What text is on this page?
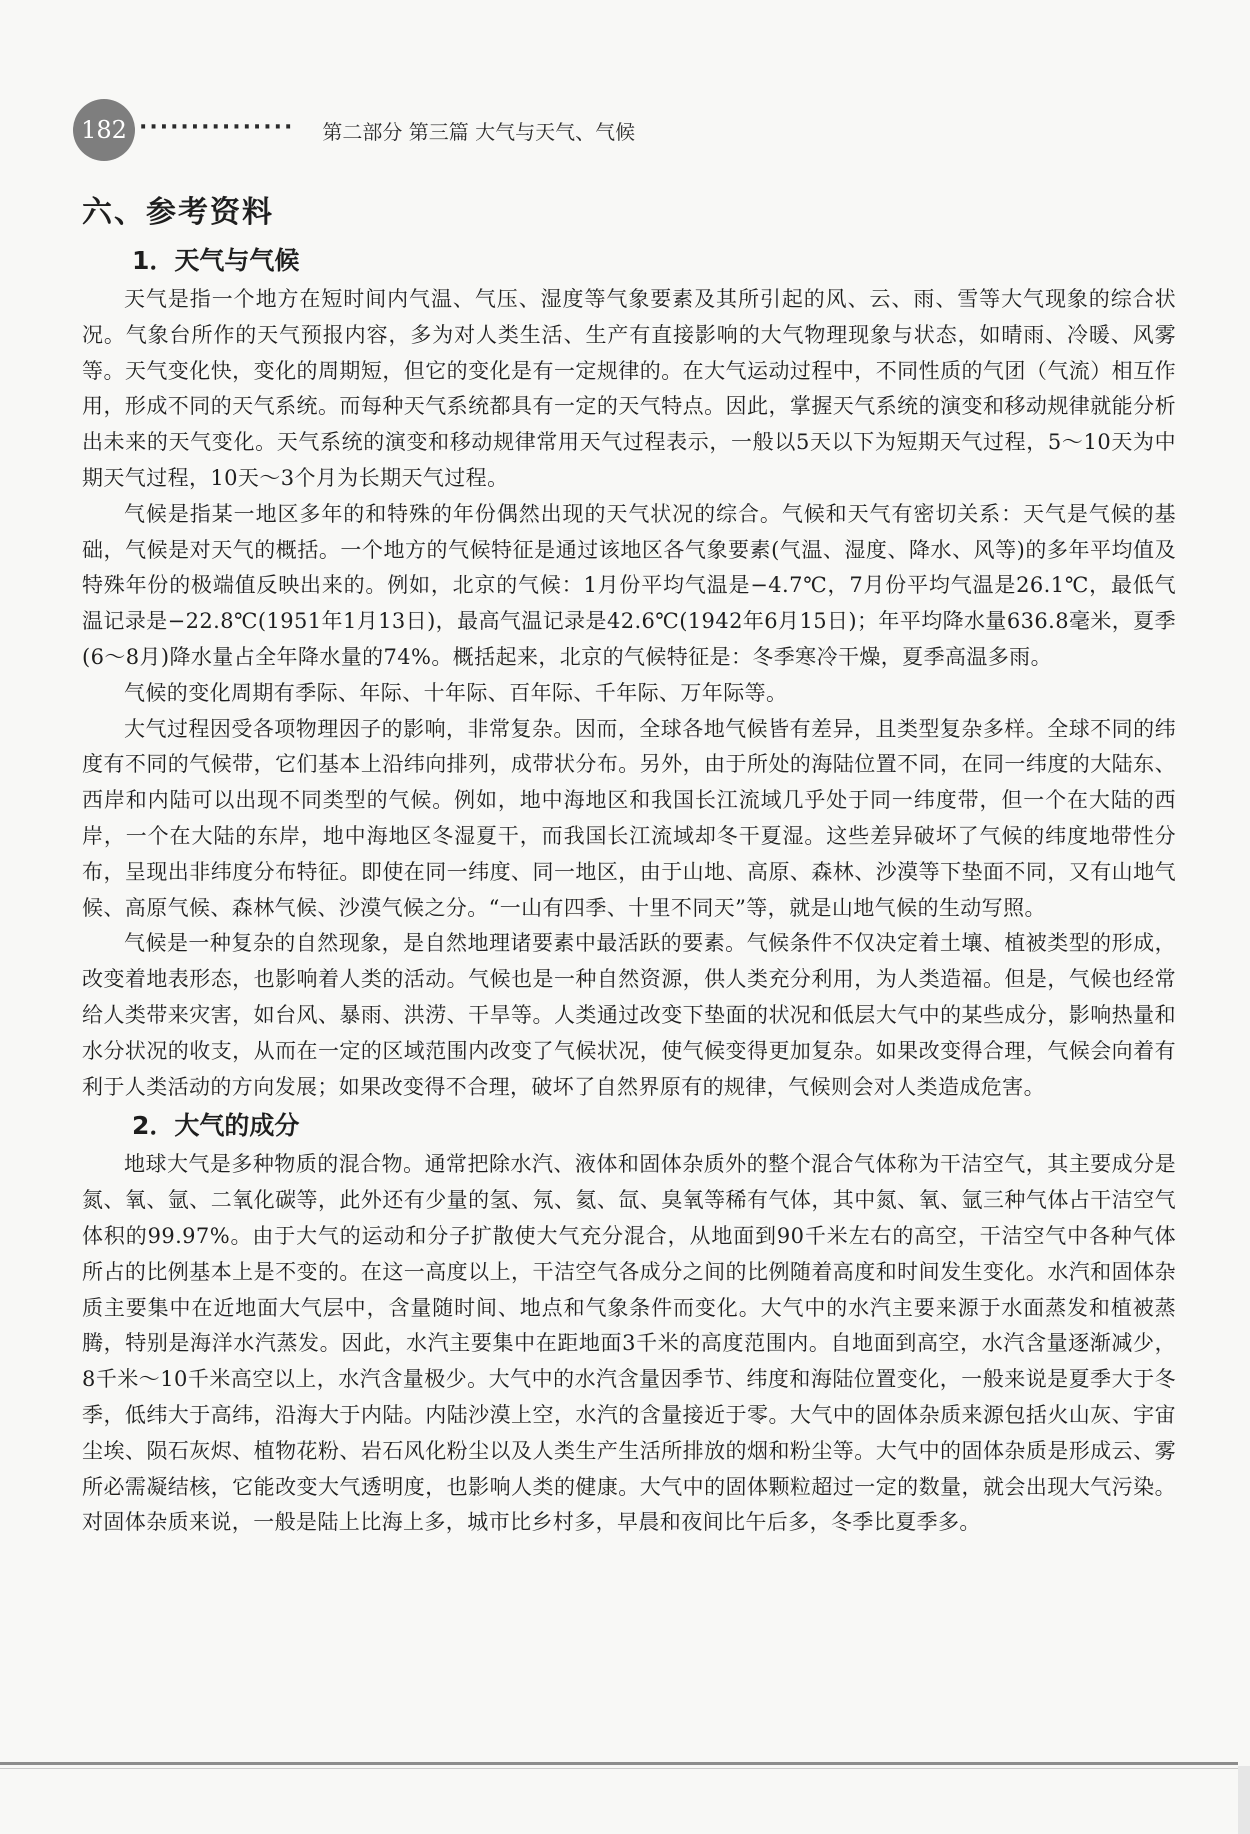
182 ··············· 第二部分 第三篇 大气与天气、气候
六、参考资料
1．天气与气候

天气是指一个地方在短时间内气温、气压、湿度等气象要素及其所引起的风、云、雨、雪等大气现象的综合状况。气象台所作的天气预报内容，多为对人类生活、生产有直接影响的大气物理现象与状态，如晴雨、冷暖、风雾等。天气变化快，变化的周期短，但它的变化是有一定规律的。在大气运动过程中，不同性质的气团（气流）相互作用，形成不同的天气系统。而每种天气系统都具有一定的天气特点。因此，掌握天气系统的演变和移动规律就能分析出未来的天气变化。天气系统的演变和移动规律常用天气过程表示，一般以5天以下为短期天气过程，5～10天为中期天气过程，10天～3个月为长期天气过程。

气候是指某一地区多年的和特殊的年份偶然出现的天气状况的综合。气候和天气有密切关系：天气是气候的基础，气候是对天气的概括。一个地方的气候特征是通过该地区各气象要素(气温、湿度、降水、风等)的多年平均值及特殊年份的极端值反映出来的。例如，北京的气候：1月份平均气温是−4.7℃，7月份平均气温是26.1℃，最低气温记录是−22.8℃(1951年1月13日)，最高气温记录是42.6℃(1942年6月15日)；年平均降水量636.8毫米，夏季(6～8月)降水量占全年降水量的74%。概括起来，北京的气候特征是：冬季寒冷干燥，夏季高温多雨。

气候的变化周期有季际、年际、十年际、百年际、千年际、万年际等。

大气过程因受各项物理因子的影响，非常复杂。因而，全球各地气候皆有差异，且类型复杂多样。全球不同的纬度有不同的气候带，它们基本上沿纬向排列，成带状分布。另外，由于所处的海陆位置不同，在同一纬度的大陆东、西岸和内陆可以出现不同类型的气候。例如，地中海地区和我国长江流域几乎处于同一纬度带，但一个在大陆的西岸，一个在大陆的东岸，地中海地区冬湿夏干，而我国长江流域却冬干夏湿。这些差异破坏了气候的纬度地带性分布，呈现出非纬度分布特征。即使在同一纬度、同一地区，由于山地、高原、森林、沙漠等下垫面不同，又有山地气候、高原气候、森林气候、沙漠气候之分。“一山有四季、十里不同天”等，就是山地气候的生动写照。

气候是一种复杂的自然现象，是自然地理诸要素中最活跃的要素。气候条件不仅决定着土壤、植被类型的形成，改变着地表形态，也影响着人类的活动。气候也是一种自然资源，供人类充分利用，为人类造福。但是，气候也经常给人类带来灾害，如台风、暴雨、洪涝、干旱等。人类通过改变下垫面的状况和低层大气中的某些成分，影响热量和水分状况的收支，从而在一定的区域范围内改变了气候状况，使气候变得更加复杂。如果改变得合理，气候会向着有利于人类活动的方向发展；如果改变得不合理，破坏了自然界原有的规律，气候则会对人类造成危害。

2．大气的成分

地球大气是多种物质的混合物。通常把除水汽、液体和固体杂质外的整个混合气体称为干洁空气，其主要成分是氮、氧、氩、二氧化碳等，此外还有少量的氢、氖、氦、氙、臭氧等稀有气体，其中氮、氧、氩三种气体占干洁空气体积的99.97%。由于大气的运动和分子扩散使大气充分混合，从地面到90千米左右的高空，干洁空气中各种气体所占的比例基本上是不变的。在这一高度以上，干洁空气各成分之间的比例随着高度和时间发生变化。水汽和固体杂质主要集中在近地面大气层中，含量随时间、地点和气象条件而变化。大气中的水汽主要来源于水面蒸发和植被蒸腾，特别是海洋水汽蒸发。因此，水汽主要集中在距地面3千米的高度范围内。自地面到高空，水汽含量逐渐减少，8千米～10千米高空以上，水汽含量极少。大气中的水汽含量因季节、纬度和海陆位置变化，一般来说是夏季大于冬季，低纬大于高纬，沿海大于内陆。内陆沙漠上空，水汽的含量接近于零。大气中的固体杂质来源包括火山灰、宇宙尘埃、陨石灰烬、植物花粉、岩石风化粉尘以及人类生产生活所排放的烟和粉尘等。大气中的固体杂质是形成云、雾所必需凝结核，它能改变大气透明度，也影响人类的健康。大气中的固体颗粒超过一定的数量，就会出现大气污染。对固体杂质来说，一般是陆上比海上多，城市比乡村多，早晨和夜间比午后多，冬季比夏季多。
